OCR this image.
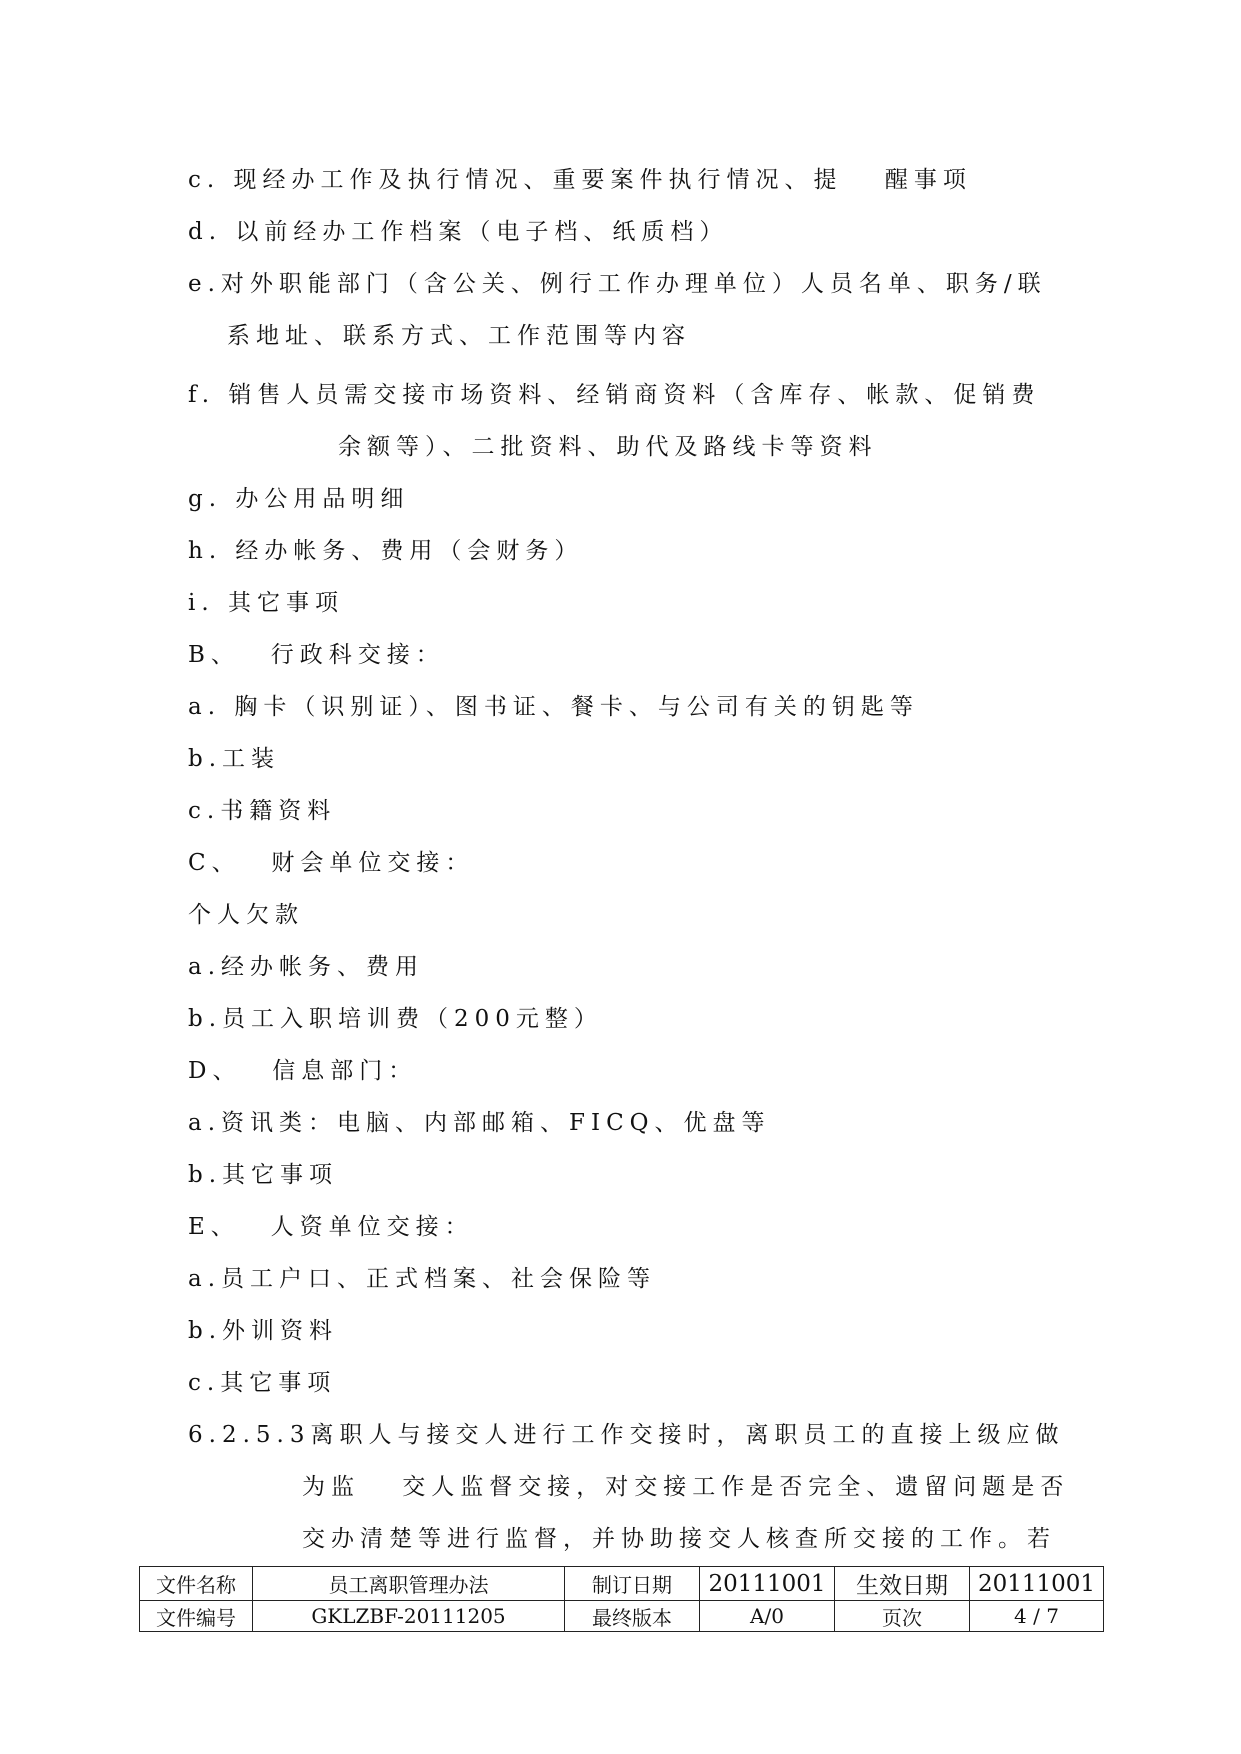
c. 现经办工作及执行情况、重要案件执行情况、提　 醒事项
d. 以前经办工作档案（电子档、纸质档）
e.对外职能部门（含公关、例行工作办理单位）人员名单、职务/联
系地址、联系方式、工作范围等内容
f. 销售人员需交接市场资料、经销商资料（含库存、帐款、促销费
余额等）、二批资料、助代及路线卡等资料
g. 办公用品明细
h. 经办帐务、费用（会财务）
i. 其它事项
B、　 行政科交接：
a. 胸卡（识别证）、图书证、餐卡、与公司有关的钥匙等
b.工装
c.书籍资料
C、　 财会单位交接：
个人欠款
a.经办帐务、费用
b.员工入职培训费（200元整）
D、　 信息部门：
a.资讯类：电脑、内部邮箱、FICQ、优盘等
b.其它事项
E、　 人资单位交接：
a.员工户口、正式档案、社会保险等
b.外训资料
c.其它事项
6.2.5.3离职人与接交人进行工作交接时，离职员工的直接上级应做
为监　 交人监督交接，对交接工作是否完全、遗留问题是否
交办清楚等进行监督，并协助接交人核查所交接的工作。若
文件名称	员工离职管理办法	制订日期	20111001	生效日期	20111001
文件编号	GKLZBF-20111205	最终版本	A/0	页次	4 / 7
